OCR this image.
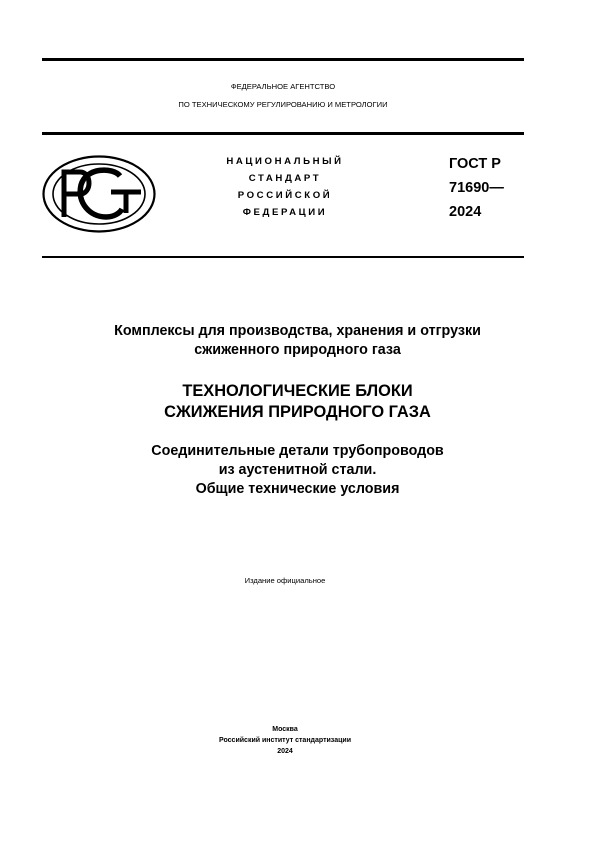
ФЕДЕРАЛЬНОЕ АГЕНТСТВО
ПО ТЕХНИЧЕСКОМУ РЕГУЛИРОВАНИЮ И МЕТРОЛОГИИ
НАЦИОНАЛЬНЫЙ
СТАНДАРТ
РОССИЙСКОЙ
ФЕДЕРАЦИИ
ГОСТ Р
71690—
2024
Комплексы для производства, хранения и отгрузки
сжиженного природного газа
ТЕХНОЛОГИЧЕСКИЕ БЛОКИ
СЖИЖЕНИЯ ПРИРОДНОГО ГАЗА
Соединительные детали трубопроводов
из аустенитной стали.
Общие технические условия
Издание официальное
Москва
Российский институт стандартизации
2024
